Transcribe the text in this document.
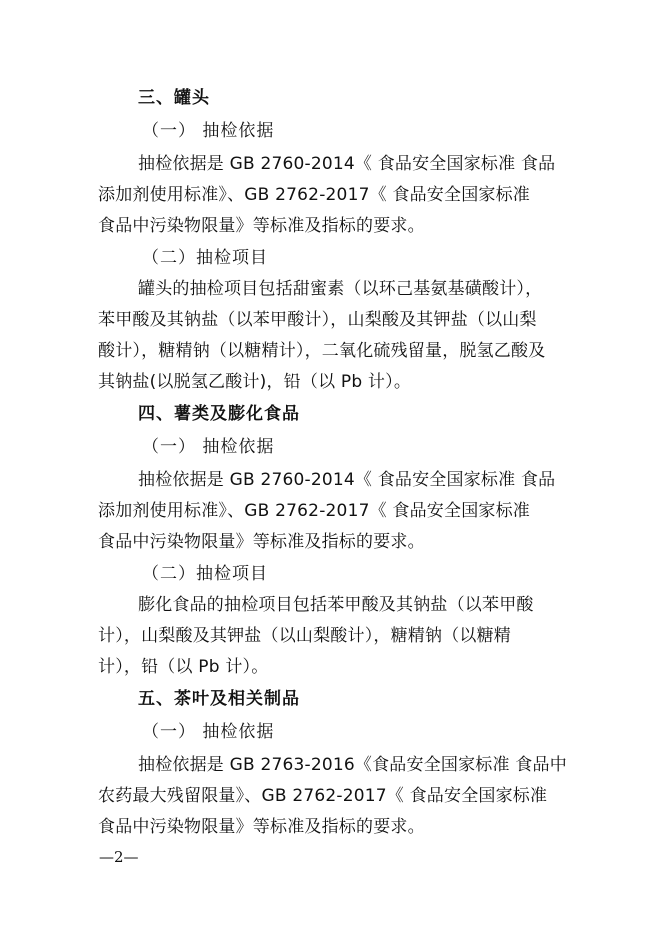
三、罐头
（一） 抽检依据
抽检依据是 GB 2760-2014《 食品安全国家标准 食品
添加剂使用标准》、GB 2762-2017《 食品安全国家标准
食品中污染物限量》等标准及指标的要求。
（二）抽检项目
罐头的抽检项目包括甜蜜素（以环己基氨基磺酸计），
苯甲酸及其钠盐（以苯甲酸计），山梨酸及其钾盐（以山梨
酸计），糖精钠（以糖精计），二氧化硫残留量，脱氢乙酸及
其钠盐(以脱氢乙酸计)，铅（以 Pb 计）。
四、薯类及膨化食品
（一） 抽检依据
抽检依据是 GB 2760-2014《 食品安全国家标准 食品
添加剂使用标准》、GB 2762-2017《 食品安全国家标准
食品中污染物限量》等标准及指标的要求。
（二）抽检项目
膨化食品的抽检项目包括苯甲酸及其钠盐（以苯甲酸
计），山梨酸及其钾盐（以山梨酸计），糖精钠（以糖精
计），铅（以 Pb 计）。
五、茶叶及相关制品
（一） 抽检依据
抽检依据是 GB 2763-2016《食品安全国家标准 食品中
农药最大残留限量》、GB 2762-2017《 食品安全国家标准
食品中污染物限量》等标准及指标的要求。
—2—
